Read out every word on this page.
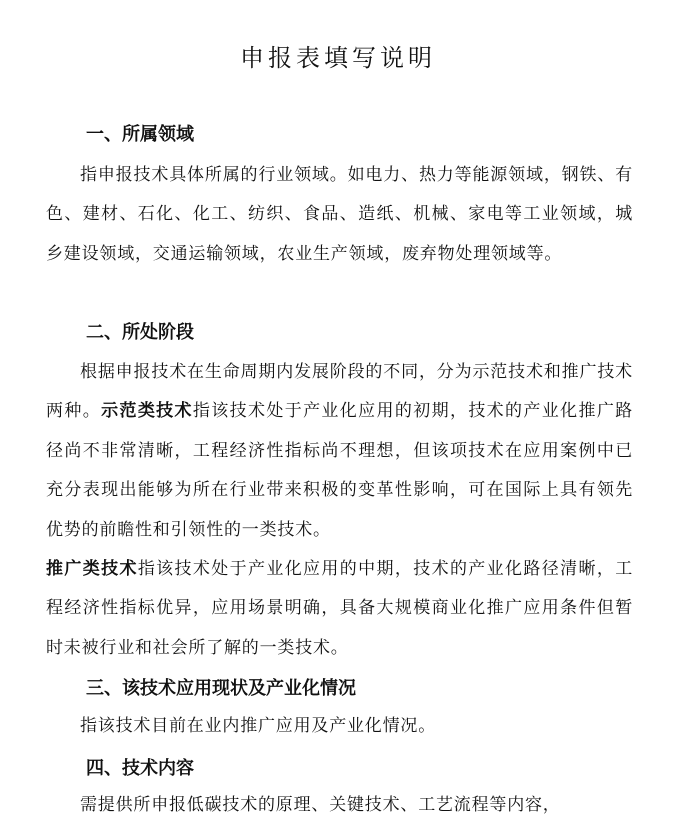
申报表填写说明
一、所属领域

指申报技术具体所属的行业领域。如电力、热力等能源领域，钢铁、有色、建材、石化、化工、纺织、食品、造纸、机械、家电等工业领域，城乡建设领域，交通运输领域，农业生产领域，废弃物处理领域等。

二、所处阶段

根据申报技术在生命周期内发展阶段的不同，分为示范技术和推广技术两种。示范类技术指该技术处于产业化应用的初期，技术的产业化推广路径尚不非常清晰，工程经济性指标尚不理想，但该项技术在应用案例中已充分表现出能够为所在行业带来积极的变革性影响，可在国际上具有领先优势的前瞻性和引领性的一类技术。

推广类技术指该技术处于产业化应用的中期，技术的产业化路径清晰，工程经济性指标优异，应用场景明确，具备大规模商业化推广应用条件但暂时未被行业和社会所了解的一类技术。

三、该技术应用现状及产业化情况

指该技术目前在业内推广应用及产业化情况。

四、技术内容

需提供所申报低碳技术的原理、关键技术、工艺流程等内容，
